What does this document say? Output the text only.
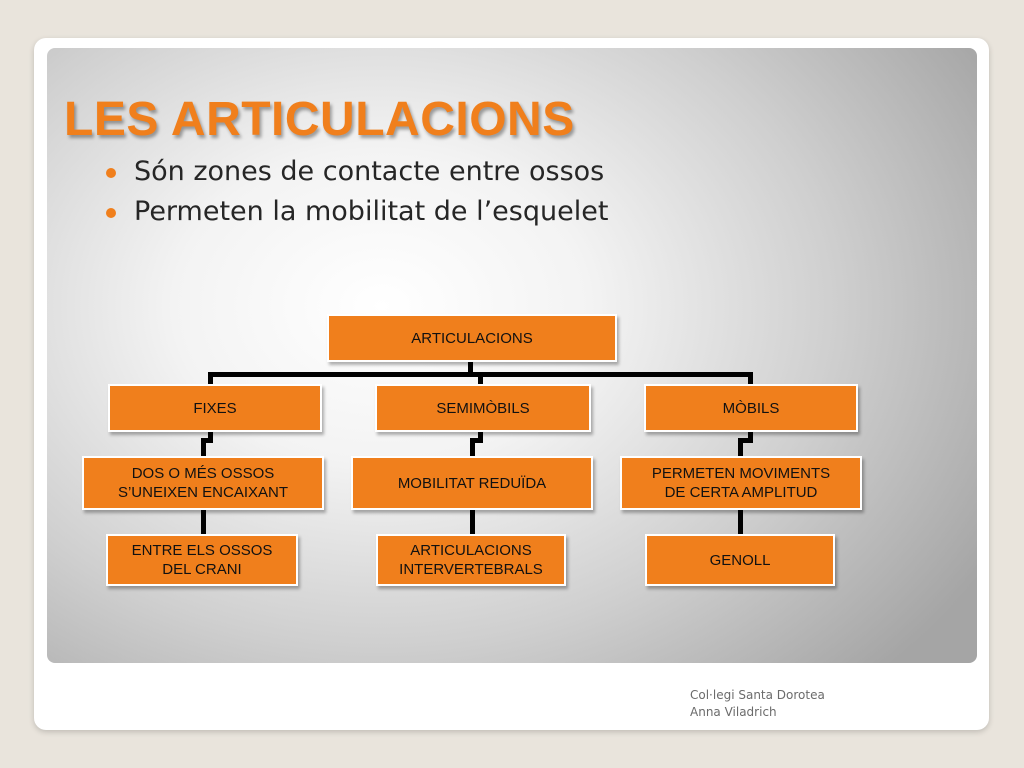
LES ARTICULACIONS
Són zones de contacte entre ossos
Permeten la mobilitat de l’esquelet
ARTICULACIONS
FIXES	SEMIMÒBILS	MÒBILS
DOS O MÉS OSSOS
S’UNEIXEN ENCAIXANT
MOBILITAT REDUÏDA
PERMETEN MOVIMENTS
DE CERTA AMPLITUD
ENTRE ELS OSSOS
DEL CRANI
ARTICULACIONS
INTERVERTEBRALS
GENOLL
Col·legi Santa Dorotea
Anna Viladrich
